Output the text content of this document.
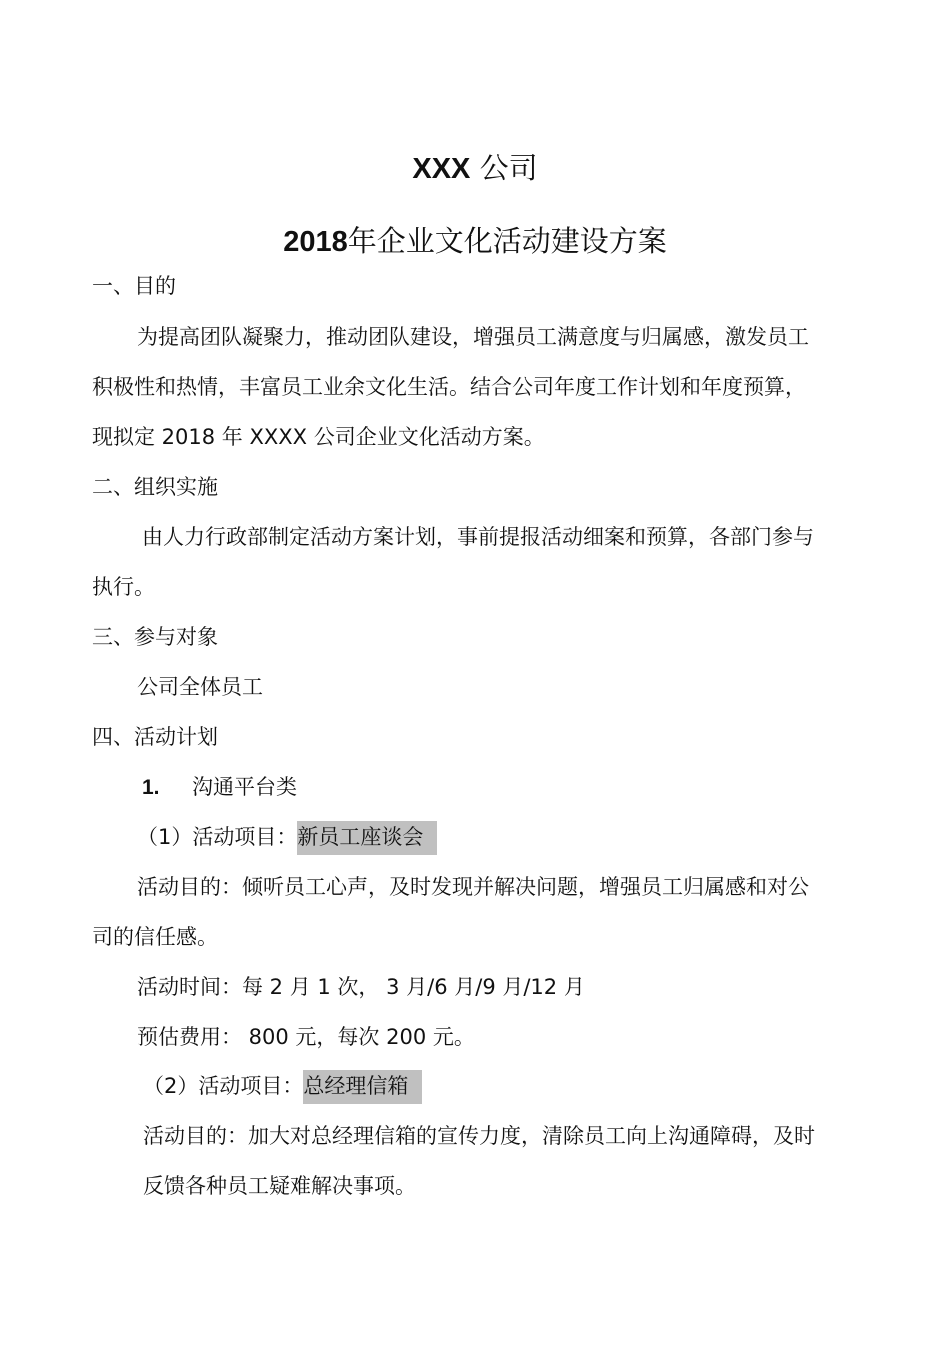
XXX 公司
2018年企业文化活动建设方案
一、目的
为提高团队凝聚力，推动团队建设，增强员工满意度与归属感，激发员工
积极性和热情，丰富员工业余文化生活。结合公司年度工作计划和年度预算，
现拟定 2018 年 XXXX 公司企业文化活动方案。
二、组织实施
由人力行政部制定活动方案计划，事前提报活动细案和预算，各部门参与
执行。
三、参与对象
公司全体员工
四、活动计划
1. 沟通平台类
（1）活动项目：新员工座谈会
活动目的：倾听员工心声，及时发现并解决问题，增强员工归属感和对公
司的信任感。
活动时间：每 2 月 1 次， 3 月/6 月/9 月/12 月
预估费用： 800 元，每次 200 元。
（2）活动项目：总经理信箱
活动目的：加大对总经理信箱的宣传力度，清除员工向上沟通障碍，及时
反馈各种员工疑难解决事项。
